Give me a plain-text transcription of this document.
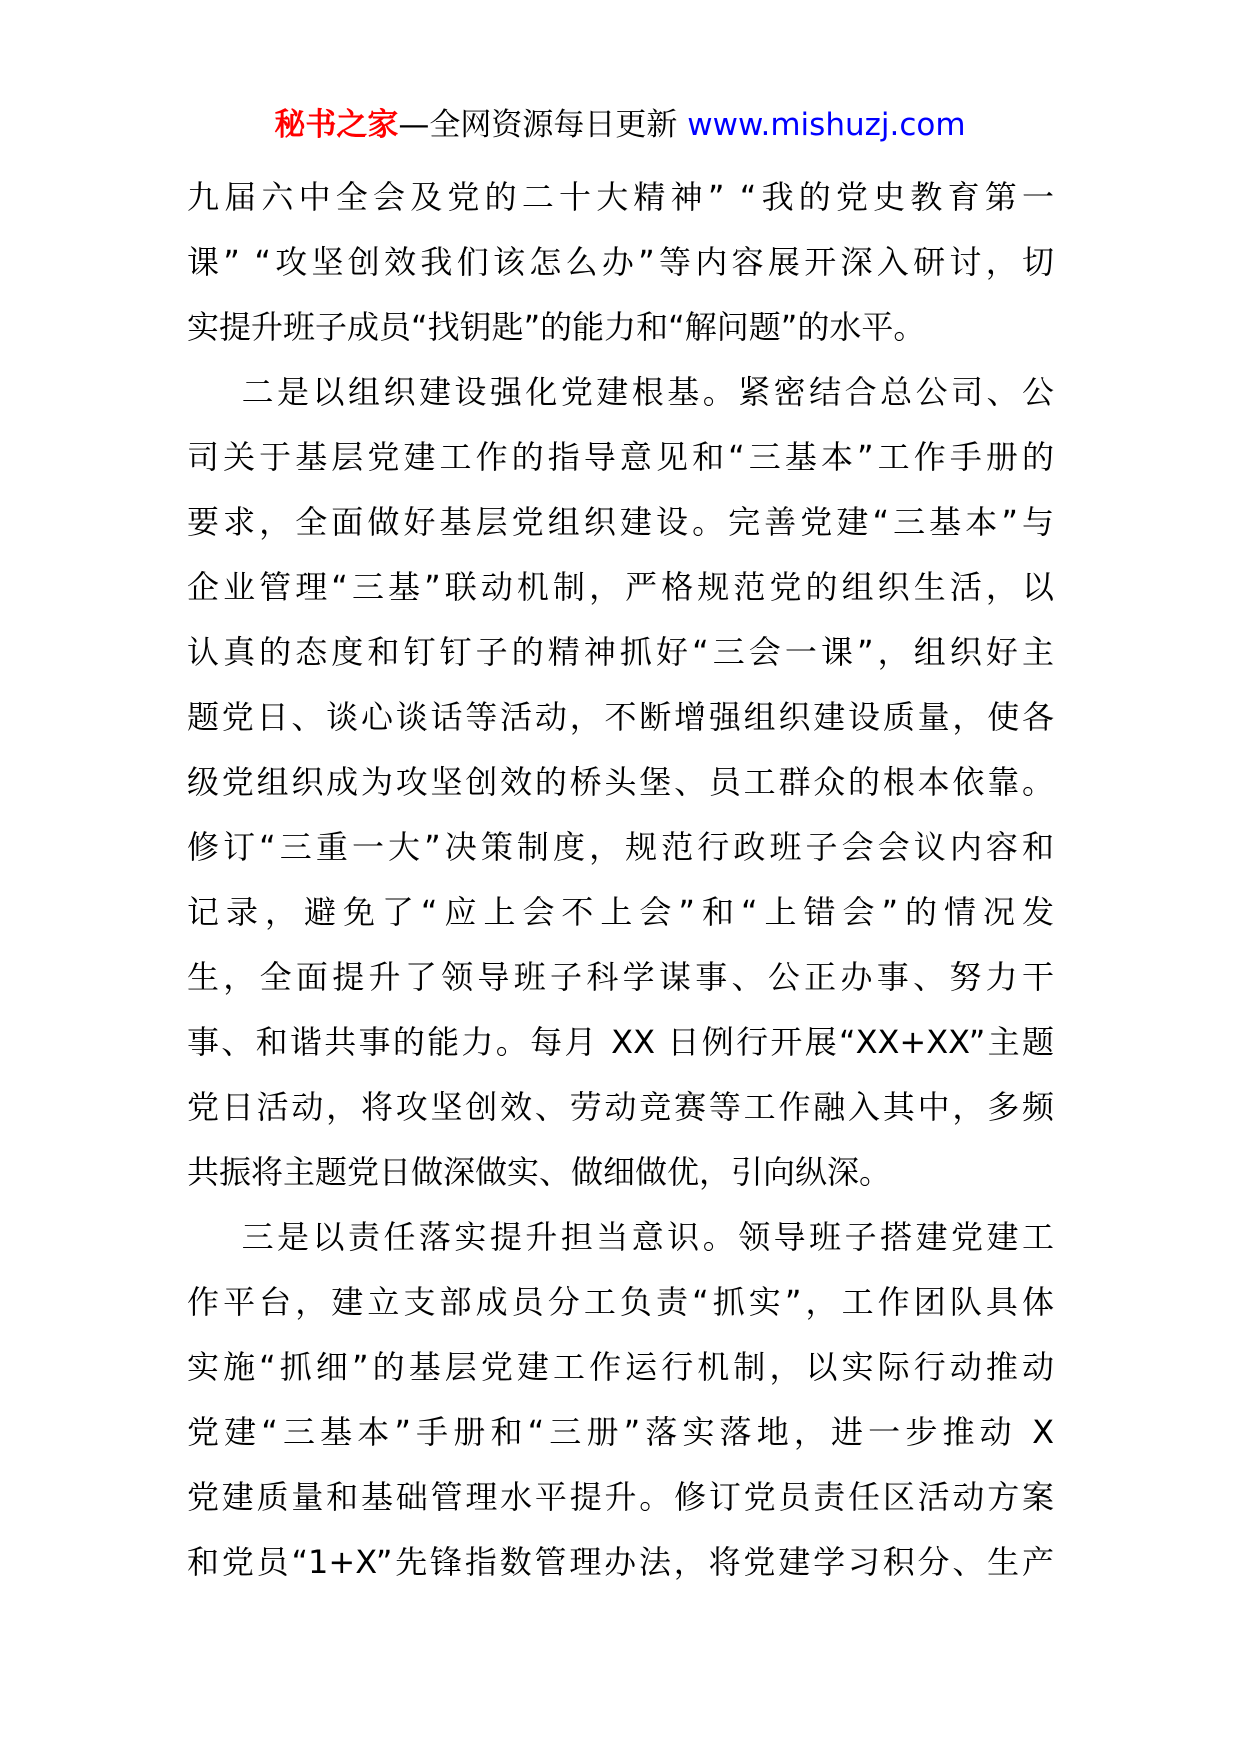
秘书之家—全网资源每日更新 www.mishuzj.com
九届六中全会及党的二十大精神” “我的党史教育第一
课” “攻坚创效我们该怎么办”等内容展开深入研讨，切
实提升班子成员“找钥匙”的能力和“解问题”的水平。
二是以组织建设强化党建根基。紧密结合总公司、公
司关于基层党建工作的指导意见和“三基本”工作手册的
要求，全面做好基层党组织建设。完善党建“三基本”与
企业管理“三基”联动机制，严格规范党的组织生活，以
认真的态度和钉钉子的精神抓好“三会一课”，组织好主
题党日、谈心谈话等活动，不断增强组织建设质量，使各
级党组织成为攻坚创效的桥头堡、员工群众的根本依靠。
修订“三重一大”决策制度，规范行政班子会会议内容和
记录，避免了“应上会不上会”和“上错会”的情况发
生，全面提升了领导班子科学谋事、公正办事、努力干
事、和谐共事的能力。每月 XX 日例行开展“XX+XX”主题
党日活动，将攻坚创效、劳动竞赛等工作融入其中，多频
共振将主题党日做深做实、做细做优，引向纵深。
三是以责任落实提升担当意识。领导班子搭建党建工
作平台，建立支部成员分工负责“抓实”，工作团队具体
实施“抓细”的基层党建工作运行机制，以实际行动推动
党建“三基本”手册和“三册”落实落地，进一步推动 X
党建质量和基础管理水平提升。修订党员责任区活动方案
和党员“1+X”先锋指数管理办法，将党建学习积分、生产
